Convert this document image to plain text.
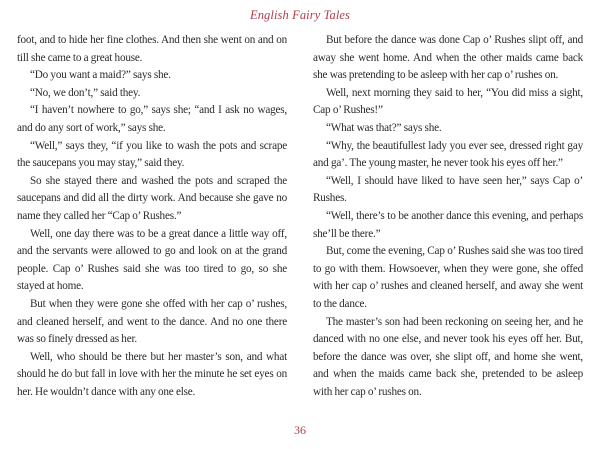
English Fairy Tales

foot, and to hide her fine clothes. And then she went on and on till she came to a great house.

“Do you want a maid?” says she.

“No, we don’t,” said they.

“I haven’t nowhere to go,” says she; “and I ask no wages, and do any sort of work,” says she.

“Well,” says they, “if you like to wash the pots and scrape the saucepans you may stay,” said they.

So she stayed there and washed the pots and scraped the saucepans and did all the dirty work. And because she gave no name they called her “Cap o’ Rushes.”

Well, one day there was to be a great dance a little way off, and the servants were allowed to go and look on at the grand people. Cap o’ Rushes said she was too tired to go, so she stayed at home.

But when they were gone she offed with her cap o’ rushes, and cleaned herself, and went to the dance. And no one there was so finely dressed as her.

Well, who should be there but her master’s son, and what should he do but fall in love with her the minute he set eyes on her. He wouldn’t dance with any one else.

But before the dance was done Cap o’ Rushes slipt off, and away she went home. And when the other maids came back she was pretending to be asleep with her cap o’ rushes on.

Well, next morning they said to her, “You did miss a sight, Cap o’ Rushes!”

“What was that?” says she.

“Why, the beautifullest lady you ever see, dressed right gay and ga’. The young master, he never took his eyes off her.”

“Well, I should have liked to have seen her,” says Cap o’ Rushes.

“Well, there’s to be another dance this evening, and perhaps she’ll be there.”

But, come the evening, Cap o’ Rushes said she was too tired to go with them. Howsoever, when they were gone, she offed with her cap o’ rushes and cleaned herself, and away she went to the dance.

The master’s son had been reckoning on seeing her, and he danced with no one else, and never took his eyes off her. But, before the dance was over, she slipt off, and home she went, and when the maids came back she, pretended to be asleep with her cap o’ rushes on.

36
